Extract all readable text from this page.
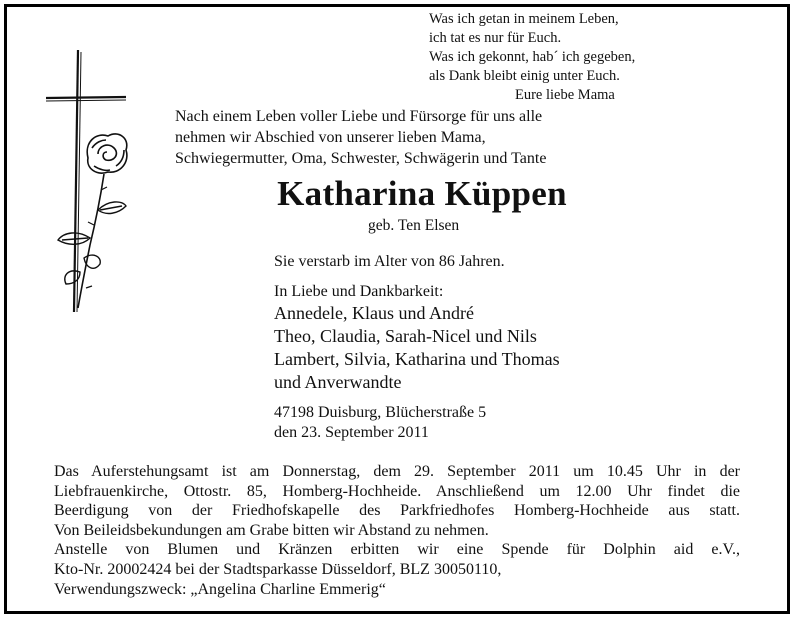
Was ich getan in meinem Leben,
ich tat es nur für Euch.
Was ich gekonnt, hab´ ich gegeben,
als Dank bleibt einig unter Euch.
Eure liebe Mama
Nach einem Leben voller Liebe und Fürsorge für uns alle
nehmen wir Abschied von unserer lieben Mama,
Schwiegermutter, Oma, Schwester, Schwägerin und Tante
Katharina Küppen
geb. Ten Elsen
Sie verstarb im Alter von 86 Jahren.
In Liebe und Dankbarkeit:
Annedele, Klaus und André
Theo, Claudia, Sarah-Nicel und Nils
Lambert, Silvia, Katharina und Thomas
und Anverwandte
47198 Duisburg, Blücherstraße 5
den 23. September 2011
Das Auferstehungsamt ist am Donnerstag, dem 29. September 2011 um 10.45 Uhr in der
Liebfrauenkirche, Ottostr. 85, Homberg-Hochheide. Anschließend um 12.00 Uhr findet die
Beerdigung von der Friedhofskapelle des Parkfriedhofes Homberg-Hochheide aus statt.
Von Beileidsbekundungen am Grabe bitten wir Abstand zu nehmen.
Anstelle von Blumen und Kränzen erbitten wir eine Spende für Dolphin aid e.V.,
Kto-Nr. 20002424 bei der Stadtsparkasse Düsseldorf, BLZ 30050110,
Verwendungszweck: „Angelina Charline Emmerig“
